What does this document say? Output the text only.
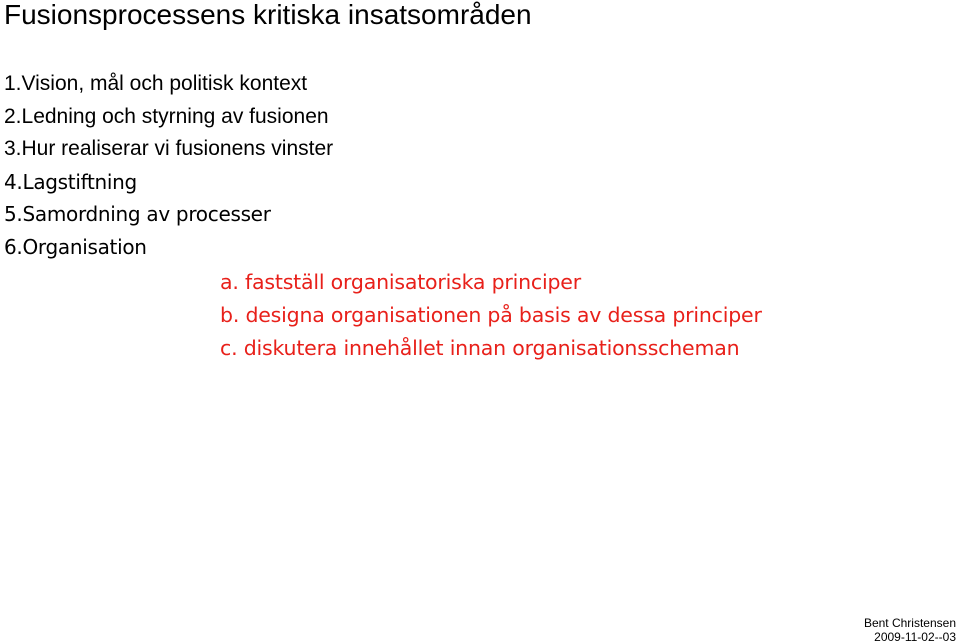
Fusionsprocessens kritiska insatsområden
1.Vision, mål och politisk kontext
2.Ledning och styrning av fusionen
3.Hur realiserar vi fusionens vinster
4.Lagstiftning
5.Samordning av processer
6.Organisation
a. fastställ organisatoriska principer
b. designa organisationen på basis av dessa principer
c. diskutera innehållet innan organisationsscheman
Bent Christensen
2009-11-02--03
